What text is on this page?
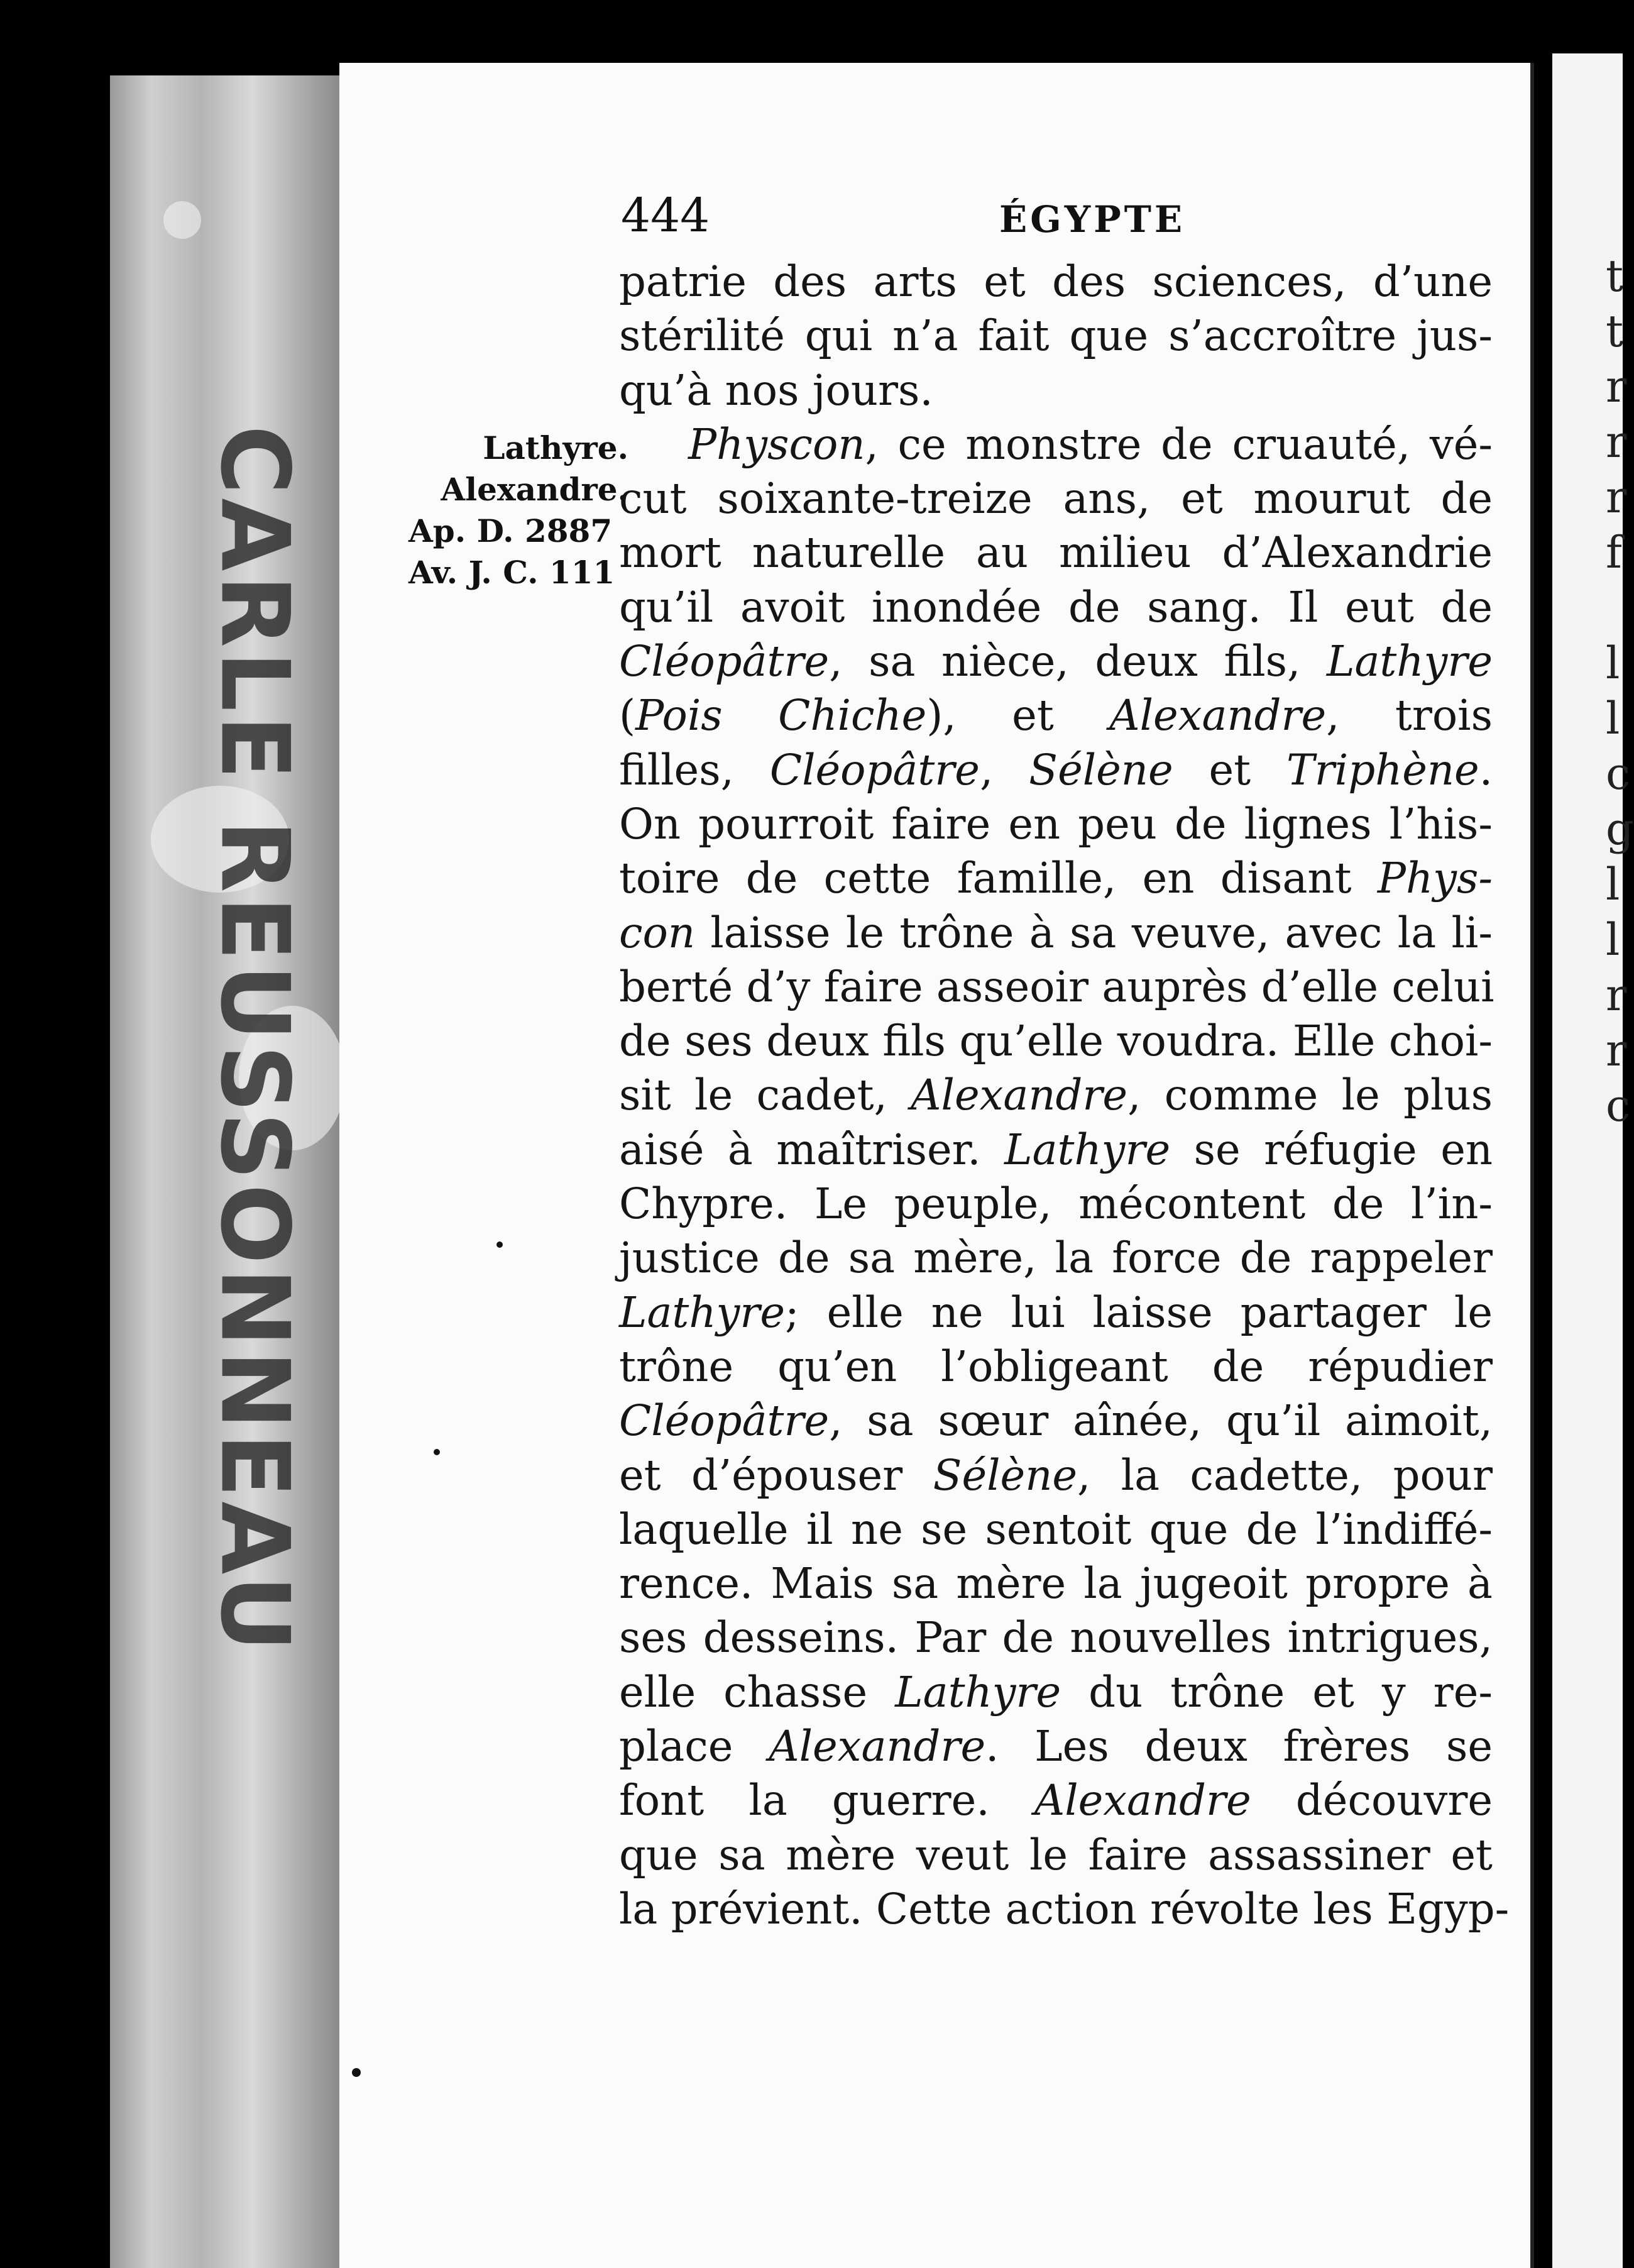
CARLE REUSSONNEAU
t
t
r
r
r
f

l
l
c
g
l
l
r
r
c
444	ÉGYPTE
Lathyre.
Alexandre.
Ap. D. 2887
Av. J. C. 111
patrie des arts et des sciences, d’une
stérilité qui n’a fait que s’accroître jus-
qu’à nos jours.
Physcon, ce monstre de cruauté, vé-
cut soixante-treize ans, et mourut de
mort naturelle au milieu d’Alexandrie
qu’il avoit inondée de sang. Il eut de
Cléopâtre, sa nièce, deux fils, Lathyre
(Pois Chiche), et Alexandre, trois
filles, Cléopâtre, Sélène et Triphène.
On pourroit faire en peu de lignes l’his-
toire de cette famille, en disant Phys-
con laisse le trône à sa veuve, avec la li-
berté d’y faire asseoir auprès d’elle celui
de ses deux fils qu’elle voudra. Elle choi-
sit le cadet, Alexandre, comme le plus
aisé à maîtriser. Lathyre se réfugie en
Chypre. Le peuple, mécontent de l’in-
justice de sa mère, la force de rappeler
Lathyre; elle ne lui laisse partager le
trône qu’en l’obligeant de répudier
Cléopâtre, sa sœur aînée, qu’il aimoit,
et d’épouser Sélène, la cadette, pour
laquelle il ne se sentoit que de l’indiffé-
rence. Mais sa mère la jugeoit propre à
ses desseins. Par de nouvelles intrigues,
elle chasse Lathyre du trône et y re-
place Alexandre. Les deux frères se
font la guerre. Alexandre découvre
que sa mère veut le faire assassiner et
la prévient. Cette action révolte les Egyp-
